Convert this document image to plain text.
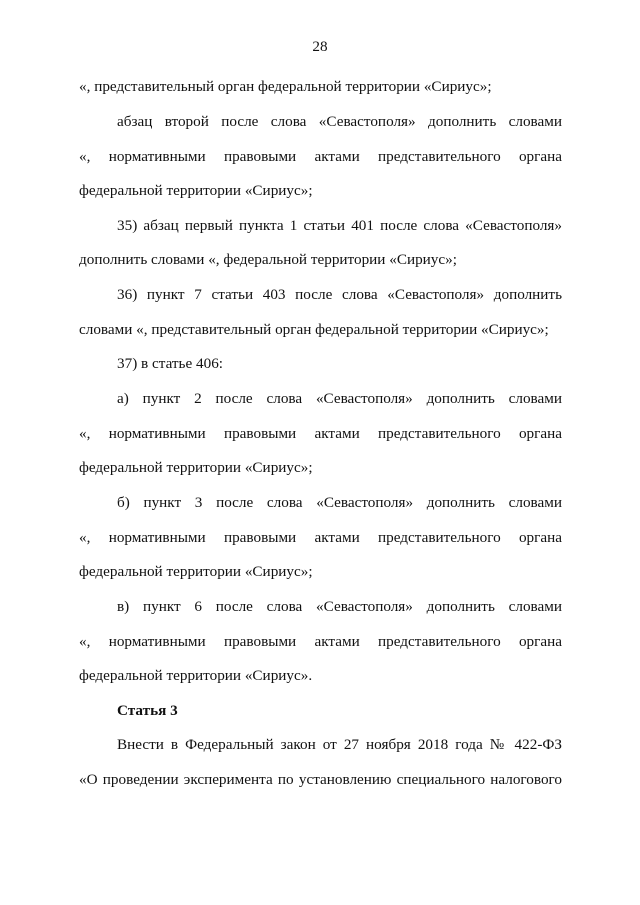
28
«, представительный орган федеральной территории «Сириус»;
абзац второй после слова «Севастополя» дополнить словами
«, нормативными правовыми актами представительного органа
федеральной территории «Сириус»;
35) абзац первый пункта 1 статьи 401 после слова «Севастополя»
дополнить словами «, федеральной территории «Сириус»;
36) пункт 7 статьи 403 после слова «Севастополя» дополнить
словами «, представительный орган федеральной территории «Сириус»;
37) в статье 406:
а) пункт 2 после слова «Севастополя» дополнить словами
«, нормативными правовыми актами представительного органа
федеральной территории «Сириус»;
б) пункт 3 после слова «Севастополя» дополнить словами
«, нормативными правовыми актами представительного органа
федеральной территории «Сириус»;
в) пункт 6 после слова «Севастополя» дополнить словами
«, нормативными правовыми актами представительного органа
федеральной территории «Сириус».
Статья 3
Внести в Федеральный закон от 27 ноября 2018 года № 422-ФЗ
«О проведении эксперимента по установлению специального налогового
